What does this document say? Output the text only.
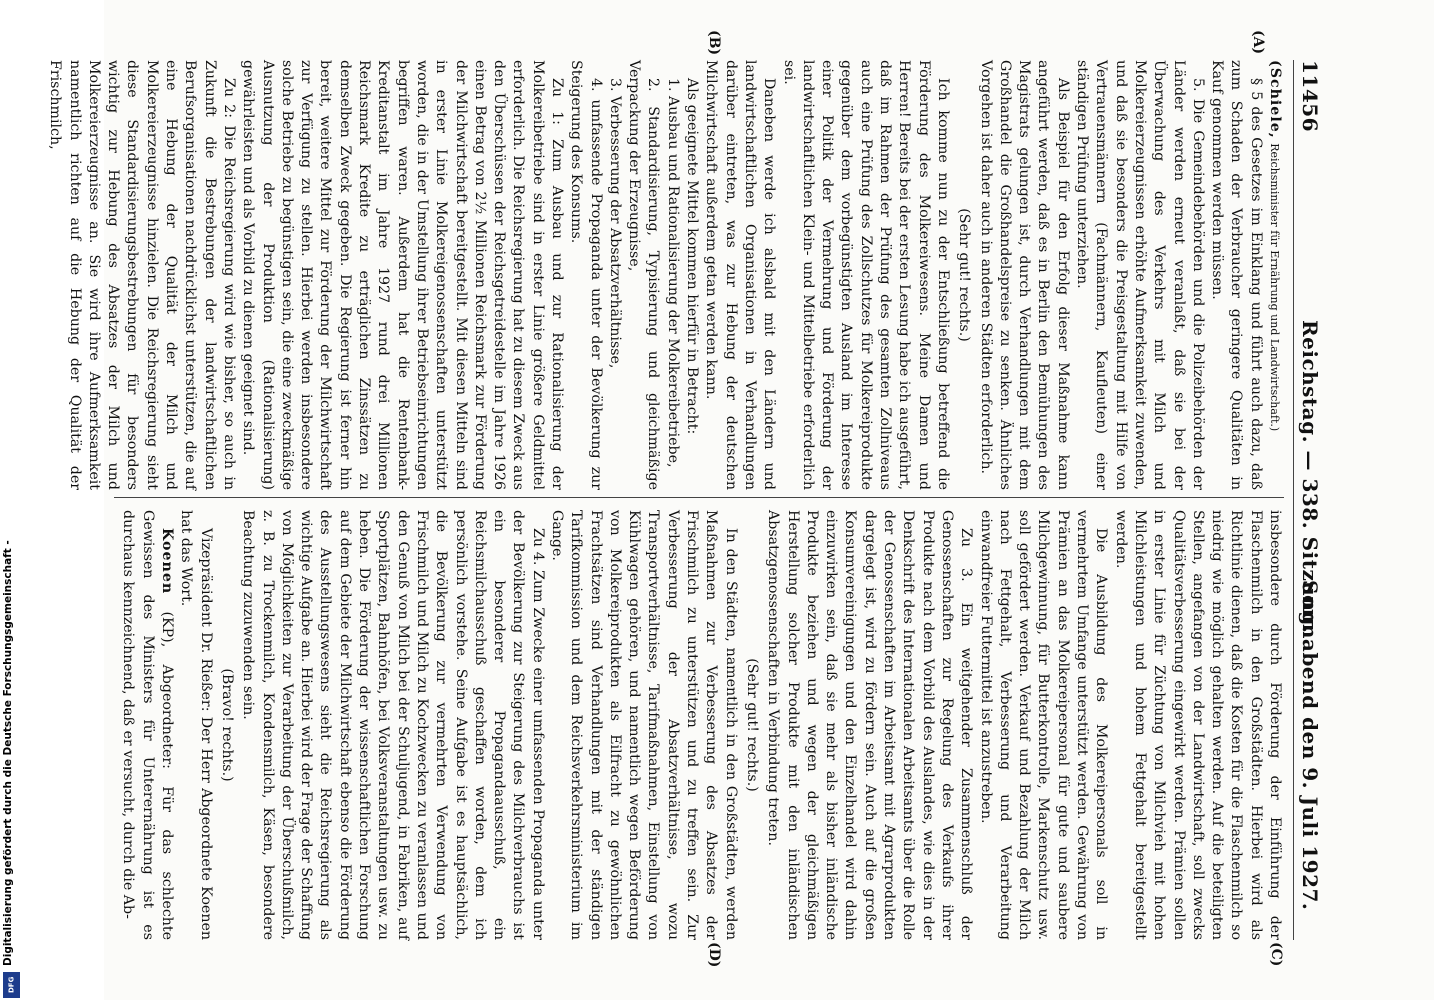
11456
Reichstag. — 338. Sitzung.
Sonnabend den 9. Juli 1927.
(A)
(B)
(C)
(D)

(Schiele, Reichsminister für Ernährung und Landwirtschaft.)

§ 5 des Gesetzes im Einklang und führt auch dazu, daß zum Schaden der Verbraucher geringere Qualitäten in Kauf genommen werden müssen.

5. Die Gemeindebehörden und die Polizeibehörden der Länder werden erneut veranlaßt, daß sie bei der Überwachung des Verkehrs mit Milch und Molkereierzeugnissen erhöhte Aufmerksamkeit zuwenden, und daß sie besonders die Preisgestaltung mit Hilfe von Vertrauensmännern (Fachmännern, Kaufleuten) einer ständigen Prüfung unterziehen.

Als Beispiel für den Erfolg dieser Maßnahme kann angeführt werden, daß es in Berlin den Bemühungen des Magistrats gelungen ist, durch Verhandlungen mit dem Großhandel die Großhandelspreise zu senken. Ähnliches Vorgehen ist daher auch in anderen Städten erforderlich.

(Sehr gut! rechts.)

Ich komme nun zu der Entschließung betreffend die Förderung des Molkereiwesens. Meine Damen und Herren! Bereits bei der ersten Lesung habe ich ausgeführt, daß im Rahmen der Prüfung des gesamten Zollniveaus auch eine Prüfung des Zollschutzes für Molkereiprodukte gegenüber dem vorbegünstigten Ausland im Interesse einer Politik der Vermehrung und Förderung der landwirtschaftlichen Klein- und Mittelbetriebe erforderlich sei.

Daneben werde ich alsbald mit den Ländern und landwirtschaftlichen Organisationen in Verhandlungen darüber eintreten, was zur Hebung der deutschen Milchwirtschaft außerdem getan werden kann.

Als geeignete Mittel kommen hierfür in Betracht:

1. Ausbau und Rationalisierung der Molkereibetriebe,

2. Standardisierung, Typisierung und gleichmäßige Verpackung der Erzeugnisse,

3. Verbesserung der Absatzverhältnisse,

4. umfassende Propaganda unter der Bevölkerung zur Steigerung des Konsums.

Zu 1: Zum Ausbau und zur Rationalisierung der Molkereibetriebe sind in erster Linie größere Geldmittel erforderlich. Die Reichsregierung hat zu diesem Zweck aus den Überschüssen der Reichsgetreidestelle im Jahre 1926 einen Betrag von 2½ Millionen Reichsmark zur Förderung der Milchwirtschaft bereitgestellt. Mit diesen Mitteln sind in erster Linie Molkereigenossenschaften unterstützt worden, die in der Umstellung ihrer Betriebseinrichtungen begriffen waren. Außerdem hat die Rentenbank-Kreditanstalt im Jahre 1927 rund drei Millionen Reichsmark Kredite zu erträglichen Zinssätzen zu demselben Zweck gegeben. Die Regierung ist ferner hin bereit, weitere Mittel zur Förderung der Milchwirtschaft zur Verfügung zu stellen. Hierbei werden insbesondere solche Betriebe zu begünstigen sein, die eine zweckmäßige Ausnutzung der Produktion (Rationalisierung) gewährleisten und als Vorbild zu dienen geeignet sind.

Zu 2: Die Reichsregierung wird wie bisher, so auch in Zukunft die Bestrebungen der landwirtschaftlichen Berufsorganisationen nachdrücklichst unterstützen, die auf eine Hebung der Qualität der Milch und Molkereierzeugnisse hinzielen. Die Reichsregierung sieht diese Standardisierungsbestrebungen für besonders wichtig zur Hebung des Absatzes der Milch und Molkereierzeugnisse an. Sie wird ihre Aufmerksamkeit namentlich richten auf die Hebung der Qualität der Frischmilch,

insbesondere durch Förderung der Einführung der Flaschenmilch in den Großstädten. Hierbei wird als Richtlinie dienen, daß die Kosten für die Flaschenmilch so niedrig wie möglich gehalten werden. Auf die beteiligten Stellen, angefangen von der Landwirtschaft, soll zwecks Qualitätsverbesserung eingewirkt werden. Prämien sollen in erster Linie für Züchtung von Milchvieh mit hohen Milchleistungen und hohem Fettgehalt bereitgestellt werden.

Die Ausbildung des Molkereipersonals soll in vermehrtem Umfange unterstützt werden. Gewährung von Prämien an das Molkereipersonal für gute und saubere Milchgewinnung, für Butterkontrolle, Markenschutz usw. soll gefördert werden. Verkauf und Bezahlung der Milch nach Fettgehalt, Verbesserung und Verarbeitung einwandfreier Futtermittel ist anzustreben.

Zu 3. Ein weitgehender Zusammenschluß der Genossenschaften zur Regelung des Verkaufs ihrer Produkte nach dem Vorbild des Auslandes, wie dies in der Denkschrift des Internationalen Arbeitsamts über die Rolle der Genossenschaften im Arbeitsamt mit Agrarprodukten dargelegt ist, wird zu fördern sein. Auch auf die großen Konsumvereinigungen und den Einzelhandel wird dahin einzuwirken sein, daß sie mehr als bisher inländische Produkte beziehen und wegen der gleichmäßigen Herstellung solcher Produkte mit den inländischen Absatzgenossenschaften in Verbindung treten.

(Sehr gut! rechts.)

In den Städten, namentlich in den Großstädten, werden Maßnahmen zur Verbesserung des Absatzes der Frischmilch zu unterstützen und zu treffen sein. Zur Verbesserung der Absatzverhältnisse, wozu Transportverhältnisse, Tarifmaßnahmen, Einstellung von Kühlwagen gehören, und namentlich wegen Beförderung von Molkereiprodukten als Eilfracht zu gewöhnlichen Frachtsätzen sind Verhandlungen mit der ständigen Tarifkommission und dem Reichsverkehrsministerium im Gange.

Zu 4. Zum Zwecke einer umfassenden Propaganda unter der Bevölkerung zur Steigerung des Milchverbrauchs ist ein besonderer Propagandaausschuß, ein Reichsmilchausschuß geschaffen worden, dem ich persönlich vorstehe. Seine Aufgabe ist es hauptsächlich, die Bevölkerung zur vermehrten Verwendung von Frischmilch und Milch zu Kochzwecken zu veranlassen und den Genuß von Milch bei der Schuljugend, in Fabriken, auf Sportplätzen, Bahnhöfen, bei Volksveranstaltungen usw. zu heben. Die Förderung der wissenschaftlichen Forschung auf dem Gebiete der Milchwirtschaft ebenso die Förderung des Ausstellungswesens sieht die Reichsregierung als wichtige Aufgabe an. Hierbei wird der Frage der Schaffung von Möglichkeiten zur Verarbeitung der Überschußmilch, z. B. zu Trockenmilch, Kondensmilch, Käsen, besondere Beachtung zuzuwenden sein.

(Bravo! rechts.)

Vizepräsident Dr. Rießer: Der Herr Abgeordnete Koenen hat das Wort.

Koenen (KP), Abgeordneter: Für das schlechte Gewissen des Ministers für Unterernährung ist es durchaus kennzeichnend, daß er versucht, durch die Ab-

Digitalisierung gefördert durch die Deutsche Forschungsgemeinschaft -
DFG
